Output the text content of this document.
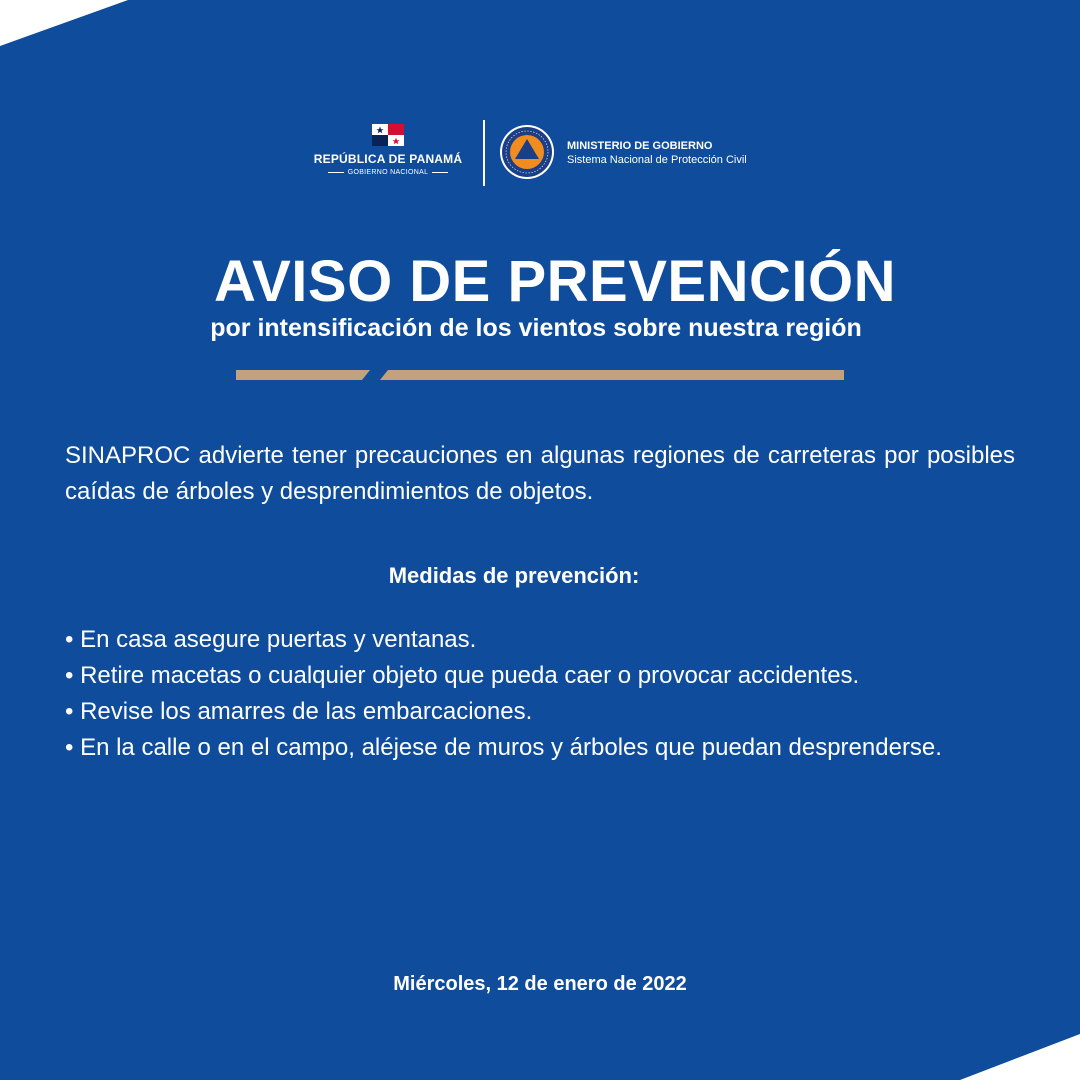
REPÚBLICA DE PANAMÁ
GOBIERNO NACIONAL
MINISTERIO DE GOBIERNO
Sistema Nacional de Protección Civil
AVISO DE PREVENCIÓN
por intensificación de los vientos sobre nuestra región
SINAPROC advierte tener precauciones en algunas regiones de carreteras por posibles caídas de árboles y desprendimientos de objetos.
Medidas de prevención:
• En casa asegure puertas y ventanas.
• Retire macetas o cualquier objeto que pueda caer o provocar accidentes.
• Revise los amarres de las embarcaciones.
• En la calle o en el campo, aléjese de muros y árboles que puedan desprenderse.
Miércoles, 12 de enero de 2022
